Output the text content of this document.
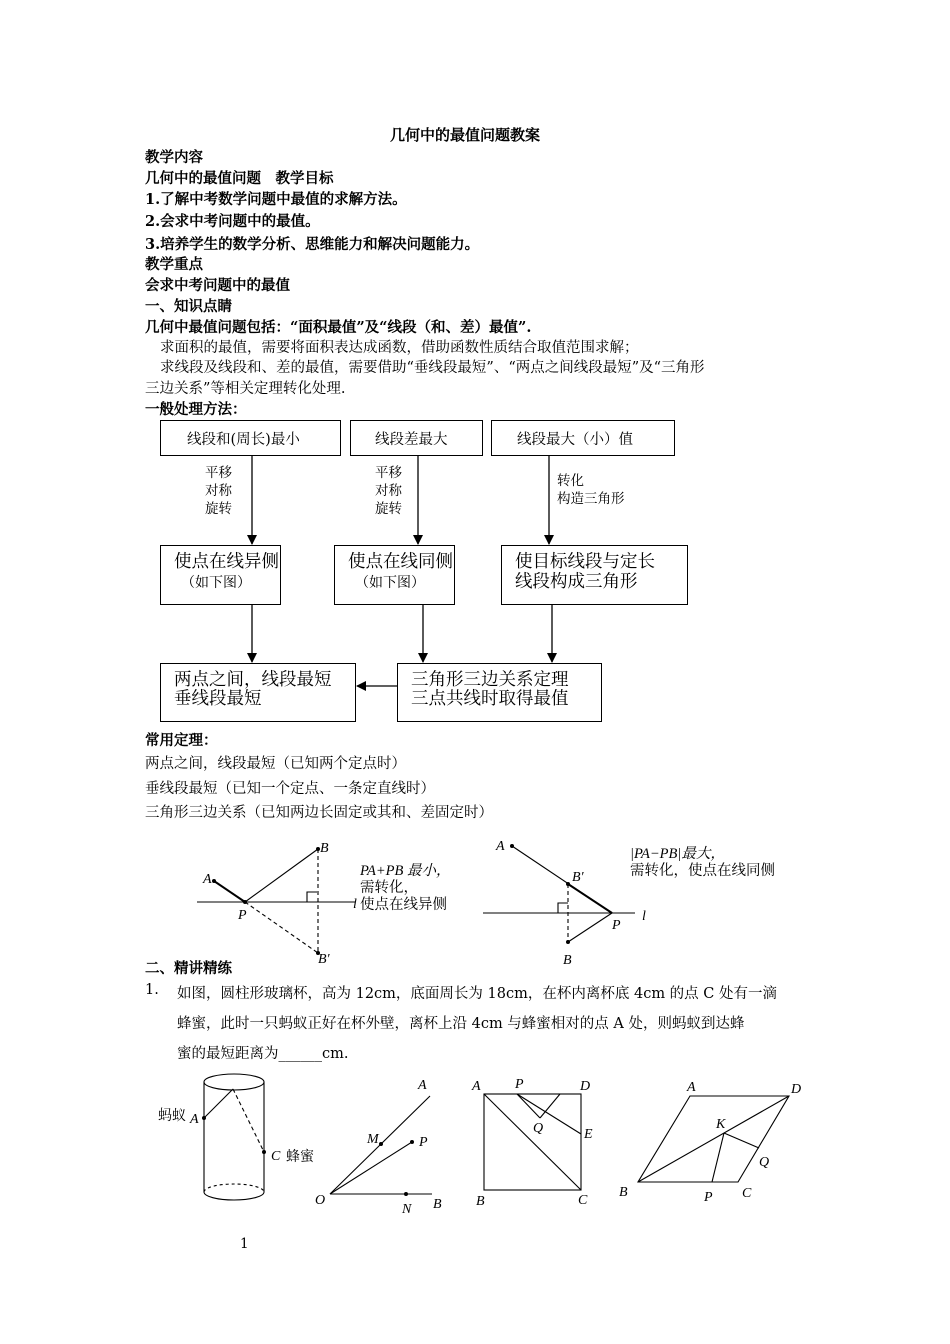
几何中的最值问题教案
教学内容
几何中的最值问题　教学目标
1.了解中考数学问题中最值的求解方法。
2.会求中考问题中的最值。
3.培养学生的数学分析、思维能力和解决问题能力。
教学重点
会求中考问题中的最值
一、知识点睛
几何中最值问题包括：“面积最值”及“线段（和、差）最值”.
求面积的最值，需要将面积表达成函数，借助函数性质结合取值范围求解；
求线段及线段和、差的最值，需要借助“垂线段最短”、“两点之间线段最短”及“三角形
三边关系”等相关定理转化处理.
一般处理方法：
线段和(周长)最小	线段差最大	线段最大（小）值
平移
对称
旋转
平移
对称
旋转
转化
构造三角形
使点在线异侧
（如下图）
使点在线同侧
（如下图）
使目标线段与定长
线段构成三角形
两点之间，线段最短
垂线段最短
三角形三边关系定理
三点共线时取得最值
常用定理：
两点之间，线段最短（已知两个定点时）
垂线段最短（已知一个定点、一条定直线时）
三角形三边关系（已知两边长固定或其和、差固定时）
PA+PB 最小，
需转化，
使点在线异侧
|PA−PB|最大，
需转化，使点在线同侧
二、精讲精练
1. 如图，圆柱形玻璃杯，高为 12cm，底面周长为 18cm，在杯内离杯底 4cm 的点 C 处有一滴
蜂蜜，此时一只蚂蚁正好在杯外壁，离杯上沿 4cm 与蜂蜜相对的点 A 处，则蚂蚁到达蜂
蜜的最短距离为______cm.
1
A
B
P
B′
l
A
B′
B
P
l
蚂蚁 A
C 蜂蜜
A
M	P
O
N B
A P	D
Q	E
B	C
A	D
K
Q
B	P C
